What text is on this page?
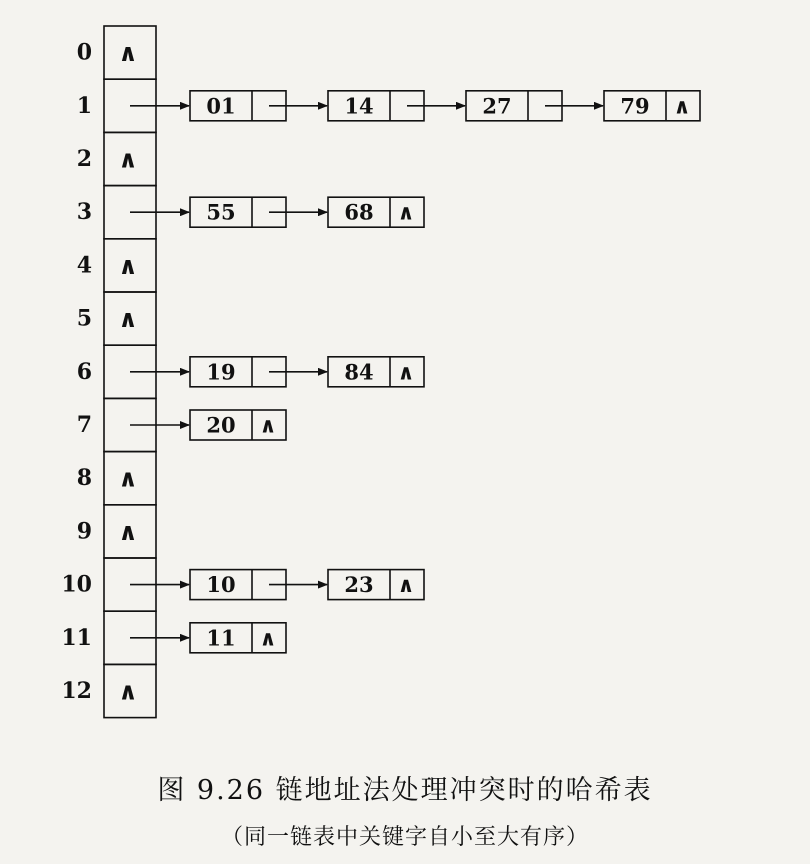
0 ∧
1	01	14	27	79 ∧
2 ∧
3	55	68 ∧
4 ∧
5 ∧
6	19	84 ∧
7	20 ∧
8 ∧
9 ∧
10	10	23 ∧
11	11 ∧
12 ∧
图 9.26 链地址法处理冲突时的哈希表
（同一链表中关键字自小至大有序）
